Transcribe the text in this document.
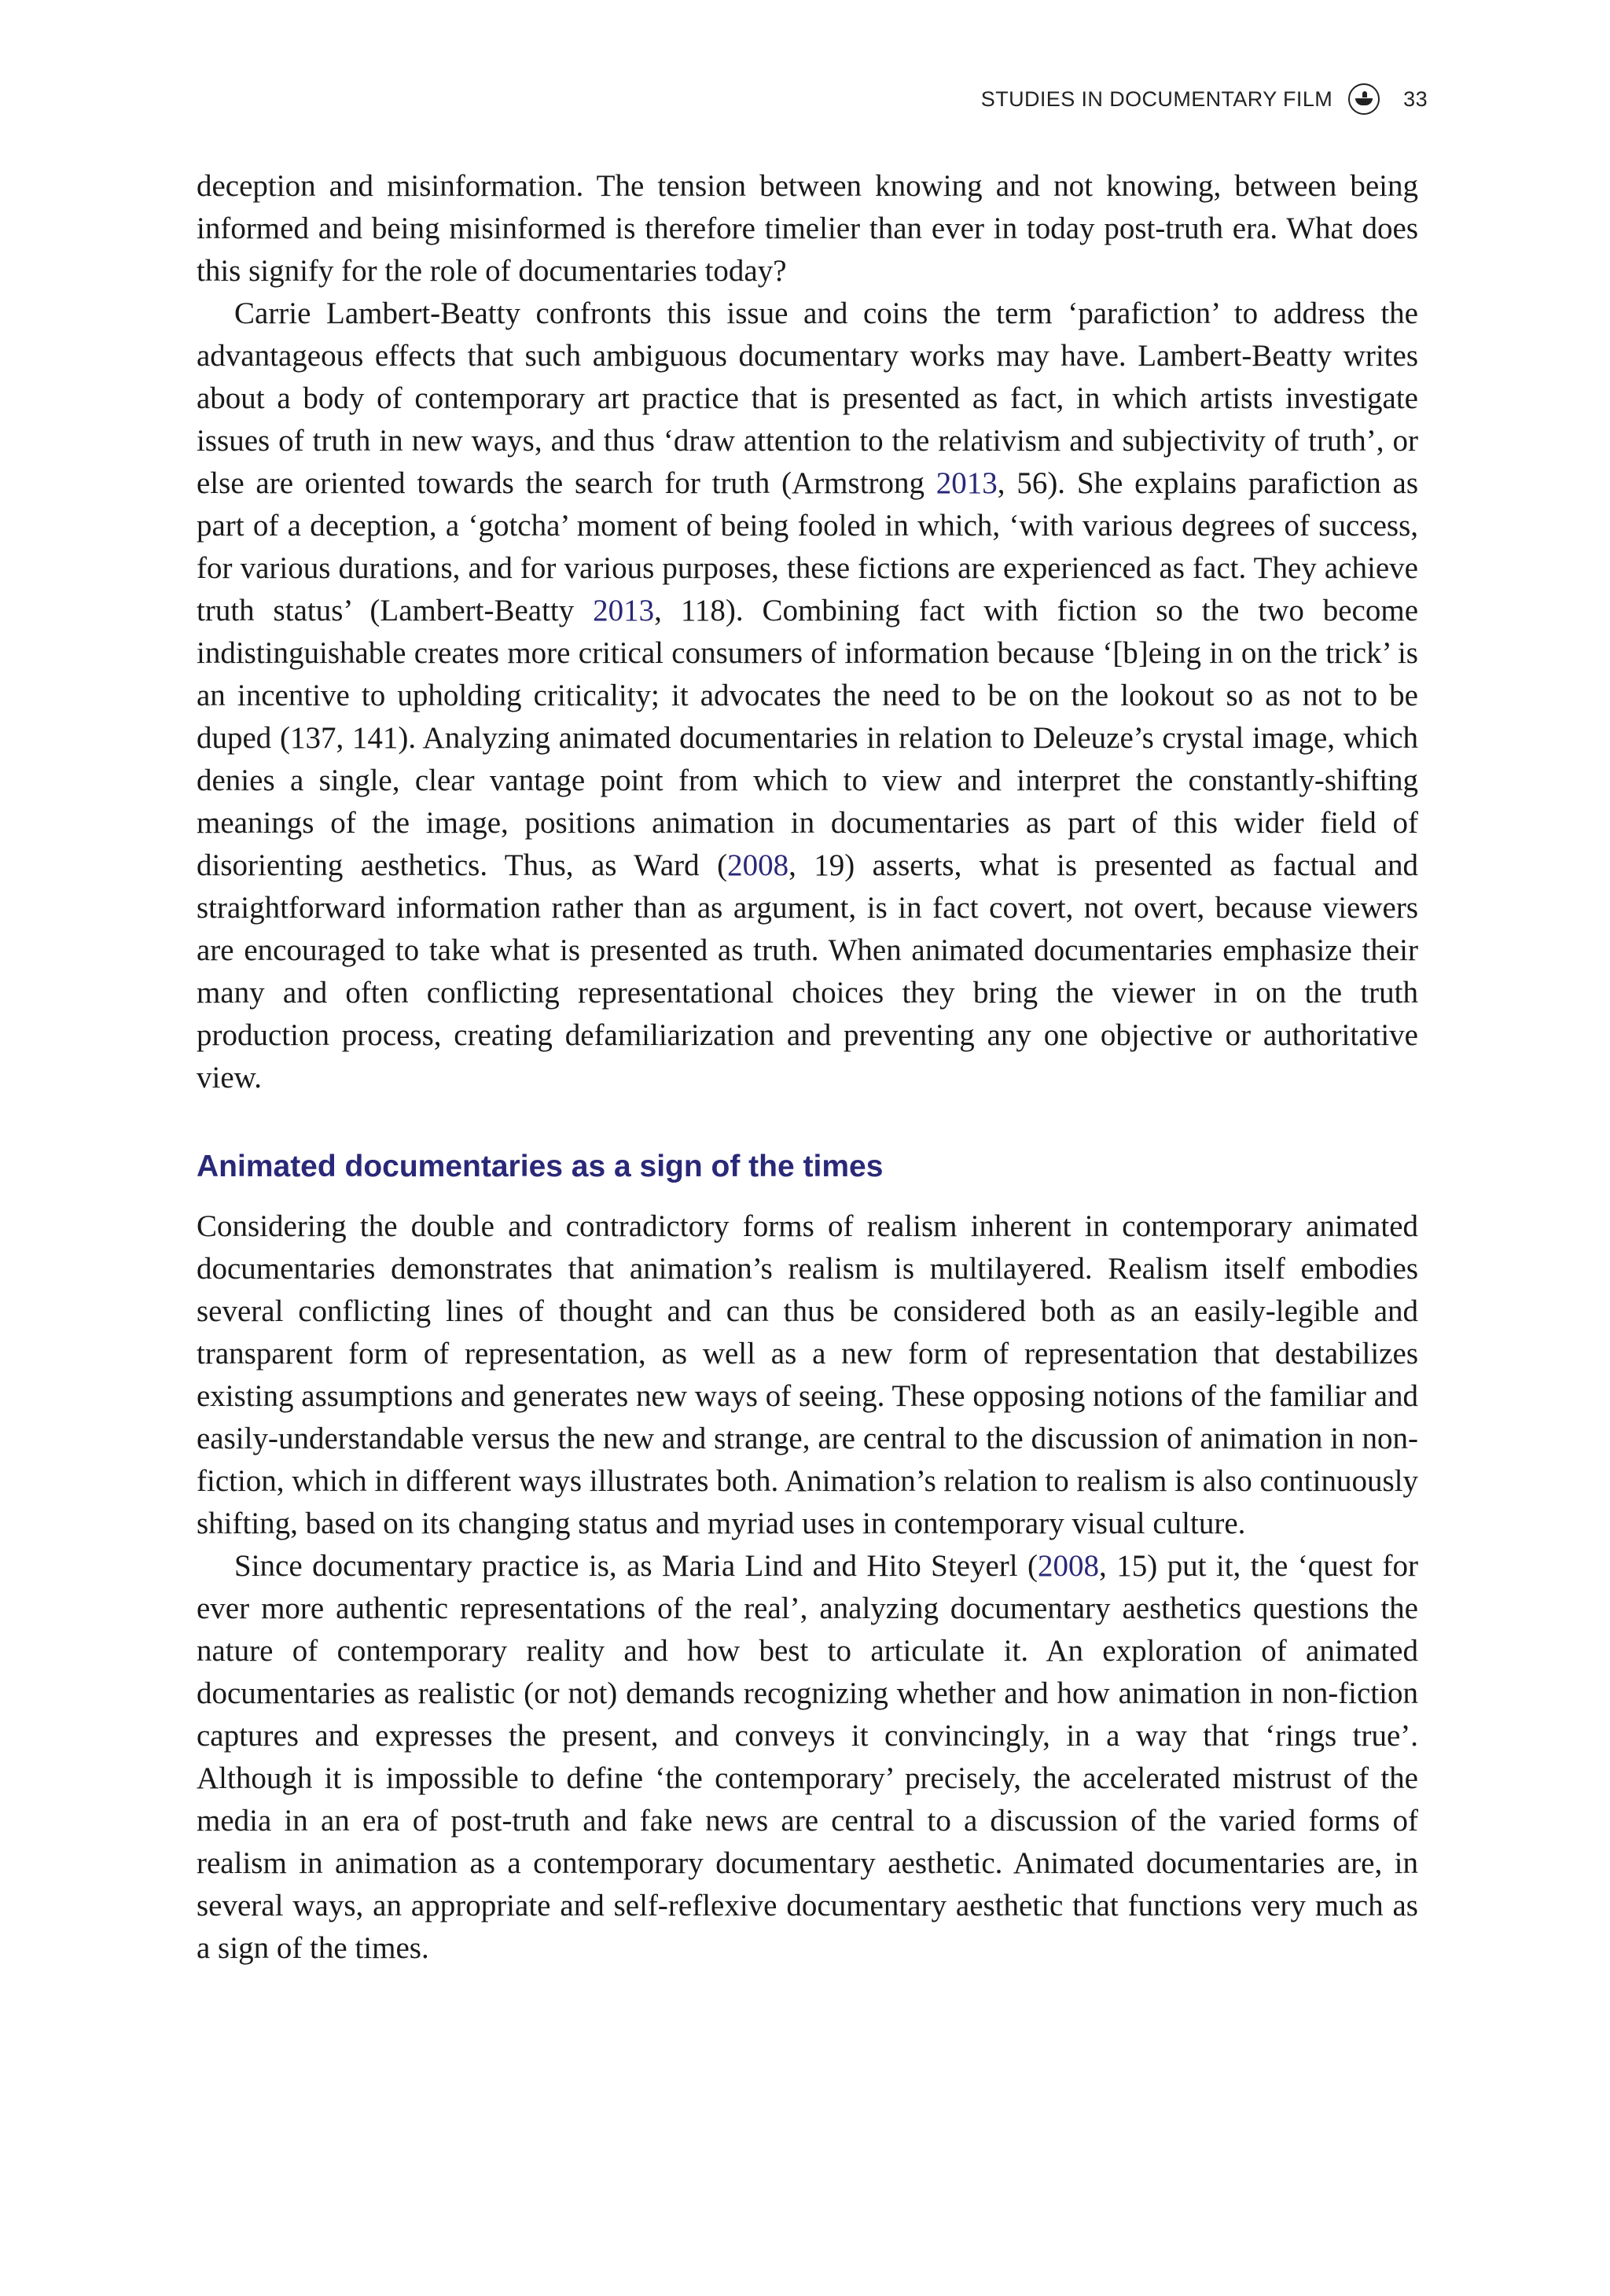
STUDIES IN DOCUMENTARY FILM	33

deception and misinformation. The tension between knowing and not knowing, between being informed and being misinformed is therefore timelier than ever in today post-truth era. What does this signify for the role of documentaries today?

Carrie Lambert-Beatty confronts this issue and coins the term ‘parafiction’ to address the advantageous effects that such ambiguous documentary works may have. Lambert-Beatty writes about a body of contemporary art practice that is presented as fact, in which artists investigate issues of truth in new ways, and thus ‘draw attention to the relativism and subjectivity of truth’, or else are oriented towards the search for truth (Armstrong 2013, 56). She explains parafiction as part of a deception, a ‘gotcha’ moment of being fooled in which, ‘with various degrees of success, for various durations, and for various purposes, these fictions are experienced as fact. They achieve truth status’ (Lambert-Beatty 2013, 118). Combining fact with fiction so the two become indistinguishable creates more critical consumers of information because ‘[b]eing in on the trick’ is an incentive to upholding criticality; it advocates the need to be on the lookout so as not to be duped (137, 141). Analyzing animated documentaries in relation to Deleuze’s crystal image, which denies a single, clear vantage point from which to view and interpret the constantly-shifting meanings of the image, positions animation in documentaries as part of this wider field of disorienting aesthetics. Thus, as Ward (2008, 19) asserts, what is presented as factual and straightforward information rather than as argument, is in fact covert, not overt, because viewers are encouraged to take what is presented as truth. When animated documentaries emphasize their many and often conflicting representational choices they bring the viewer in on the truth production process, creating defamiliarization and preventing any one objective or authoritative view.

Animated documentaries as a sign of the times

Considering the double and contradictory forms of realism inherent in contemporary animated documentaries demonstrates that animation’s realism is multilayered. Realism itself embodies several conflicting lines of thought and can thus be considered both as an easily-legible and transparent form of representation, as well as a new form of representation that destabilizes existing assumptions and generates new ways of seeing. These opposing notions of the familiar and easily-understandable versus the new and strange, are central to the discussion of animation in non-fiction, which in different ways illustrates both. Animation’s relation to realism is also continuously shifting, based on its changing status and myriad uses in contemporary visual culture.

Since documentary practice is, as Maria Lind and Hito Steyerl (2008, 15) put it, the ‘quest for ever more authentic representations of the real’, analyzing documentary aesthetics questions the nature of contemporary reality and how best to articulate it. An exploration of animated documentaries as realistic (or not) demands recognizing whether and how animation in non-fiction captures and expresses the present, and conveys it convincingly, in a way that ‘rings true’. Although it is impossible to define ‘the contemporary’ precisely, the accelerated mistrust of the media in an era of post-truth and fake news are central to a discussion of the varied forms of realism in animation as a contemporary documentary aesthetic. Animated documentaries are, in several ways, an appropriate and self-reflexive documentary aesthetic that functions very much as a sign of the times.
